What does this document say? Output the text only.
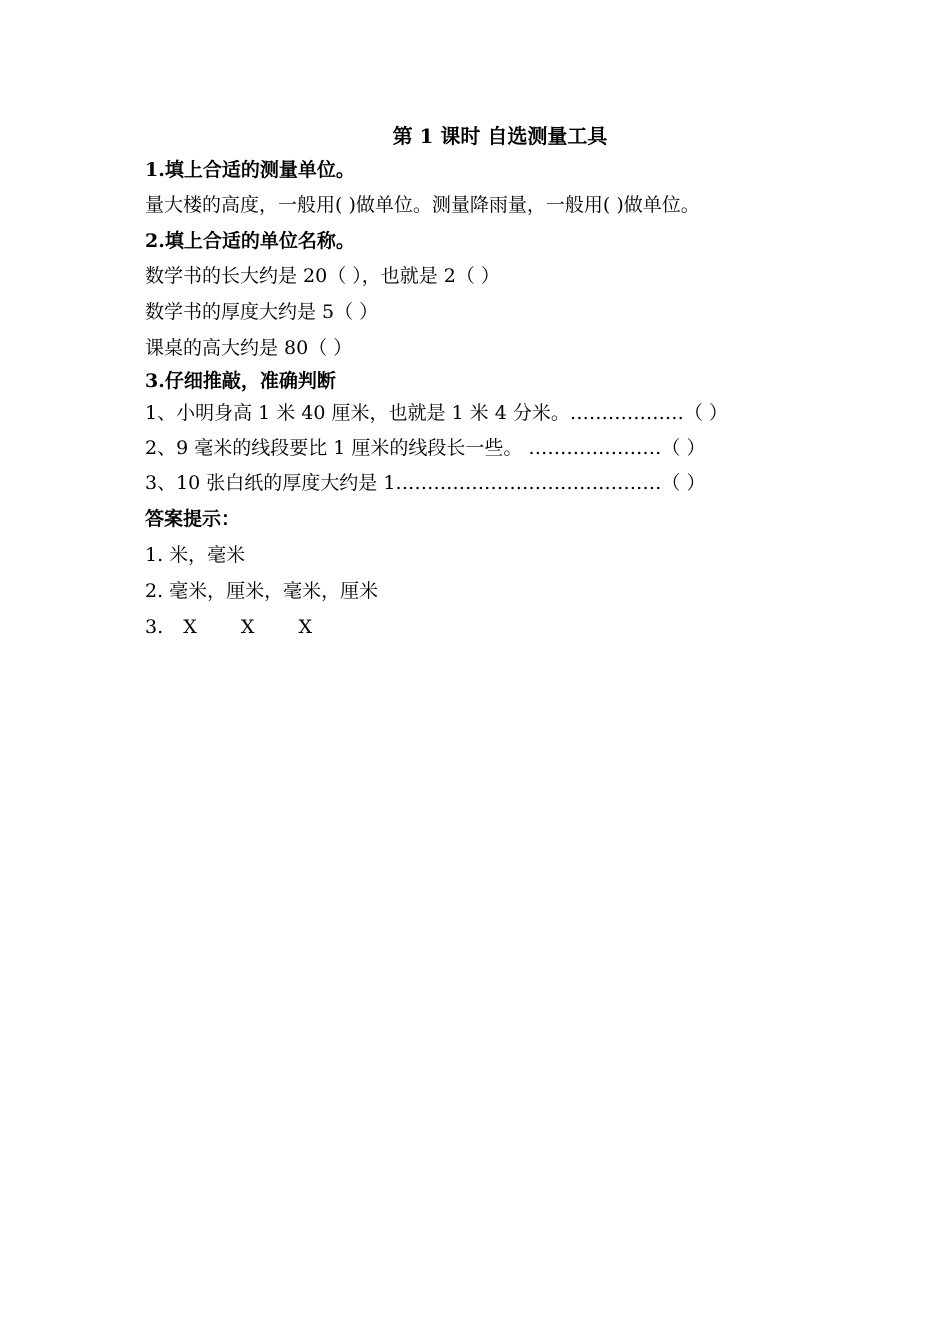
第 1 课时 自选测量工具
1.填上合适的测量单位。
量大楼的高度，一般用( )做单位。测量降雨量，一般用( )做单位。
2.填上合适的单位名称。
数学书的长大约是 20（ ），也就是 2（ ）
数学书的厚度大约是 5（ ）
课桌的高大约是 80（ ）
3.仔细推敲，准确判断
1、小明身高 1 米 40 厘米，也就是 1 米 4 分米。………………（ ）
2、9 毫米的线段要比 1 厘米的线段长一些。 …………………（ ）
3、10 张白纸的厚度大约是 1……………………………………（ ）
答案提示：
1. 米，毫米
2. 毫米，厘米，毫米，厘米
3. X X X
